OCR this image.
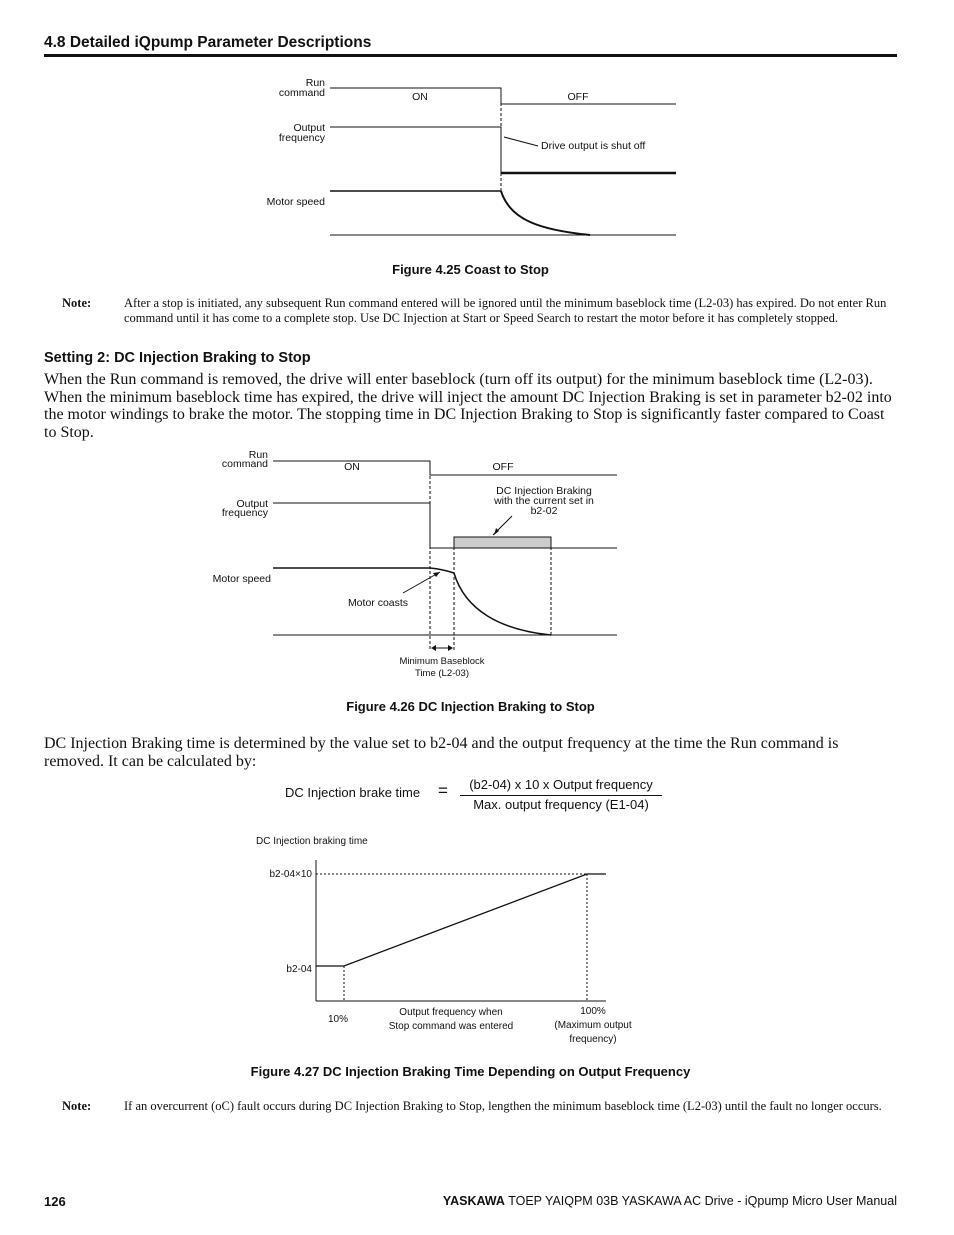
4.8 Detailed iQpump Parameter Descriptions
Run
command	ON	OFF
Output
frequency
Drive output is shut off
Motor speed
Figure 4.25 Coast to Stop
Note:	After a stop is initiated, any subsequent Run command entered will be ignored until the minimum baseblock time (L2-03) has expired. Do not enter Run command until it has come to a complete stop. Use DC Injection at Start or Speed Search to restart the motor before it has completely stopped.
Setting 2: DC Injection Braking to Stop
When the Run command is removed, the drive will enter baseblock (turn off its output) for the minimum baseblock time (L2-03). When the minimum baseblock time has expired, the drive will inject the amount DC Injection Braking is set in parameter b2-02 into the motor windings to brake the motor. The stopping time in DC Injection Braking to Stop is significantly faster compared to Coast to Stop.
Run
command	ON	OFF
Output
frequency
DC Injection Braking
with the current set in
b2-02
Motor speed
Motor coasts
Minimum Baseblock
Time (L2-03)
Figure 4.26 DC Injection Braking to Stop
DC Injection Braking time is determined by the value set to b2-04 and the output frequency at the time the Run command is removed. It can be calculated by:
DC Injection brake time =	(b2-04) x 10 x Output frequency
Max. output frequency (E1-04)
DC Injection braking time
b2-04×10
b2-04
10%
Output frequency when
Stop command was entered
100%
(Maximum output
frequency)
Figure 4.27 DC Injection Braking Time Depending on Output Frequency
Note:	If an overcurrent (oC) fault occurs during DC Injection Braking to Stop, lengthen the minimum baseblock time (L2-03) until the fault no longer occurs.
126	YASKAWA TOEP YAIQPM 03B YASKAWA AC Drive - iQpump Micro User Manual
